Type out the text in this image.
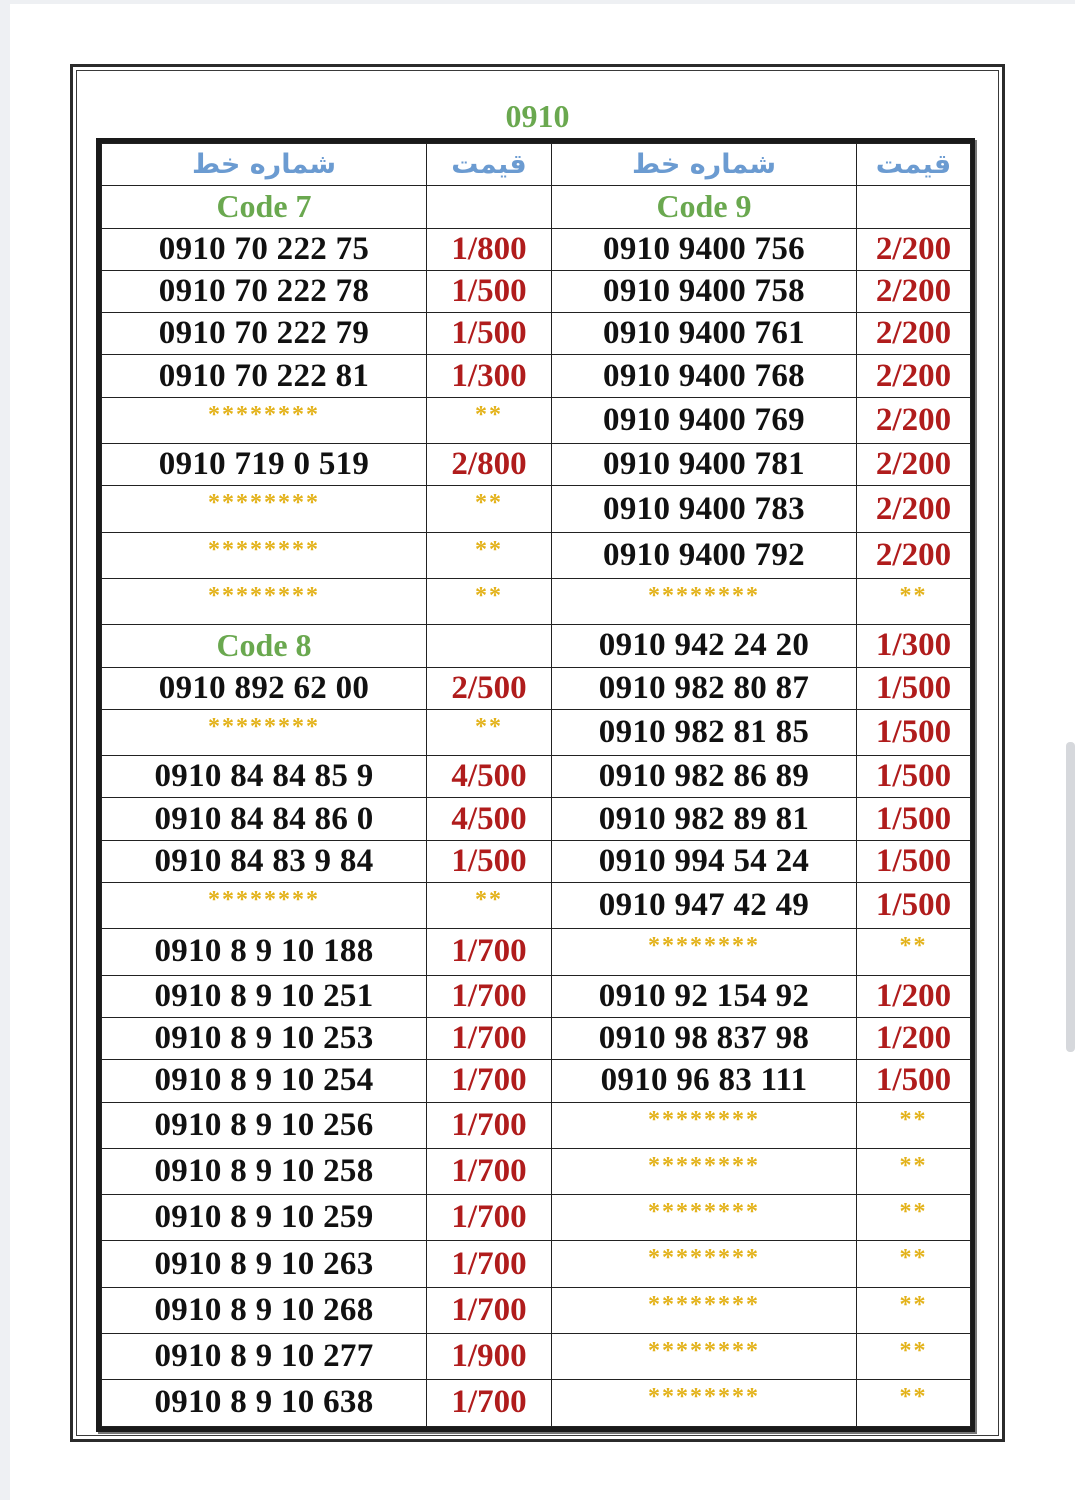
0910
شماره خط	قیمت	شماره خط	قیمت
Code 7		Code 9	
0910 70 222 75	1/800	0910 9400 756	2/200
0910 70 222 78	1/500	0910 9400 758	2/200
0910 70 222 79	1/500	0910 9400 761	2/200
0910 70 222 81	1/300	0910 9400 768	2/200
********	**	0910 9400 769	2/200
0910 719 0 519	2/800	0910 9400 781	2/200
********	**	0910 9400 783	2/200
********	**	0910 9400 792	2/200
********	**	********	**
Code 8		0910 942 24 20	1/300
0910 892 62 00	2/500	0910 982 80 87	1/500
********	**	0910 982 81 85	1/500
0910 84 84 85 9	4/500	0910 982 86 89	1/500
0910 84 84 86 0	4/500	0910 982 89 81	1/500
0910 84 83 9 84	1/500	0910 994 54 24	1/500
********	**	0910 947 42 49	1/500
0910 8 9 10 188	1/700	********	**
0910 8 9 10 251	1/700	0910 92 154 92	1/200
0910 8 9 10 253	1/700	0910 98 837 98	1/200
0910 8 9 10 254	1/700	0910 96 83 111	1/500
0910 8 9 10 256	1/700	********	**
0910 8 9 10 258	1/700	********	**
0910 8 9 10 259	1/700	********	**
0910 8 9 10 263	1/700	********	**
0910 8 9 10 268	1/700	********	**
0910 8 9 10 277	1/900	********	**
0910 8 9 10 638	1/700	********	**
